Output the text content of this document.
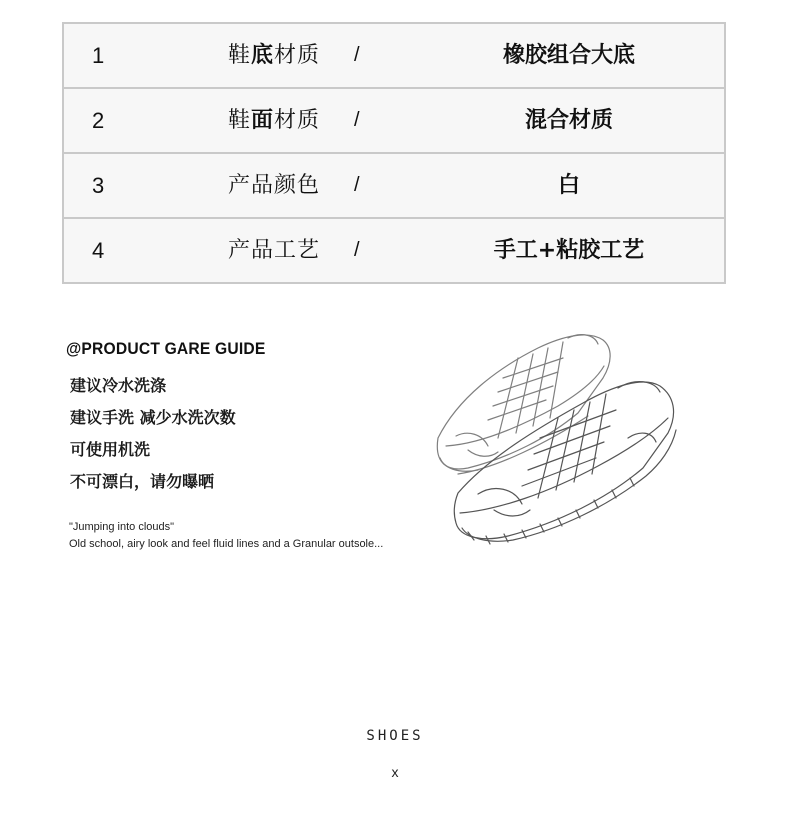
1	鞋底材质 /	橡胶组合大底
2	鞋面材质 /	混合材质
3	产品颜色 /	白
4	产品工艺 /	手工+粘胶工艺
@PRODUCT GARE GUIDE
建议冷水洗涤
建议手洗 减少水洗次数
可使用机洗
不可漂白，请勿曝晒
"Jumping into clouds"
Old school, airy look and feel fluid lines and a Granular outsole...
SHOES
x
